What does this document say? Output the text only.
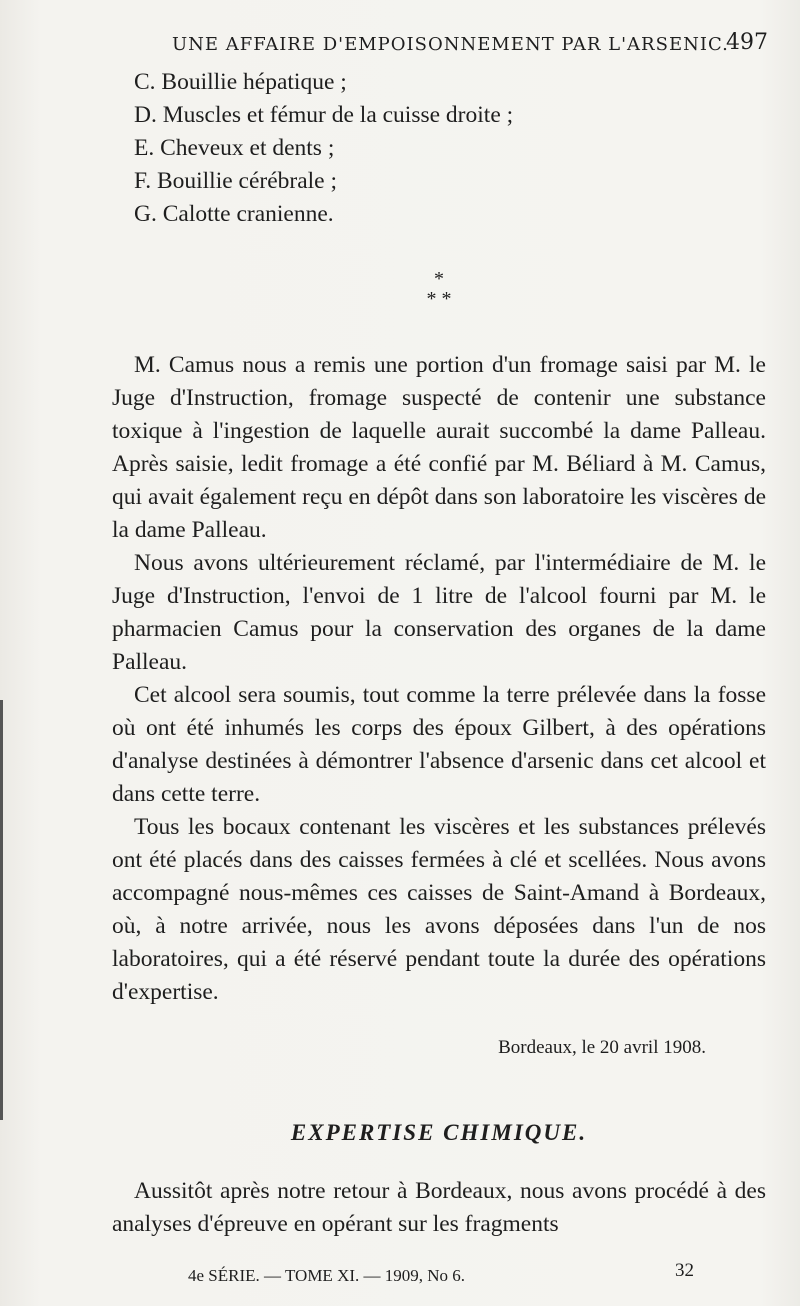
UNE AFFAIRE D'EMPOISONNEMENT PAR L'ARSENIC.
497
C. Bouillie hépatique ;
D. Muscles et fémur de la cuisse droite ;
E. Cheveux et dents ;
F. Bouillie cérébrale ;
G. Calotte cranienne.
*
* *

M. Camus nous a remis une portion d'un fromage saisi par M. le Juge d'Instruction, fromage suspecté de contenir une substance toxique à l'ingestion de laquelle aurait succombé la dame Palleau. Après saisie, ledit fromage a été confié par M. Béliard à M. Camus, qui avait également reçu en dépôt dans son laboratoire les viscères de la dame Palleau.

Nous avons ultérieurement réclamé, par l'intermédiaire de M. le Juge d'Instruction, l'envoi de 1 litre de l'alcool fourni par M. le pharmacien Camus pour la conservation des organes de la dame Palleau.

Cet alcool sera soumis, tout comme la terre prélevée dans la fosse où ont été inhumés les corps des époux Gilbert, à des opérations d'analyse destinées à démontrer l'absence d'arsenic dans cet alcool et dans cette terre.

Tous les bocaux contenant les viscères et les substances prélevés ont été placés dans des caisses fermées à clé et scellées. Nous avons accompagné nous-mêmes ces caisses de Saint-Amand à Bordeaux, où, à notre arrivée, nous les avons déposées dans l'un de nos laboratoires, qui a été réservé pendant toute la durée des opérations d'expertise.

Bordeaux, le 20 avril 1908.
EXPERTISE CHIMIQUE.

Aussitôt après notre retour à Bordeaux, nous avons procédé à des analyses d'épreuve en opérant sur les fragments

4e SÉRIE. — TOME XI. — 1909, No 6.	32
